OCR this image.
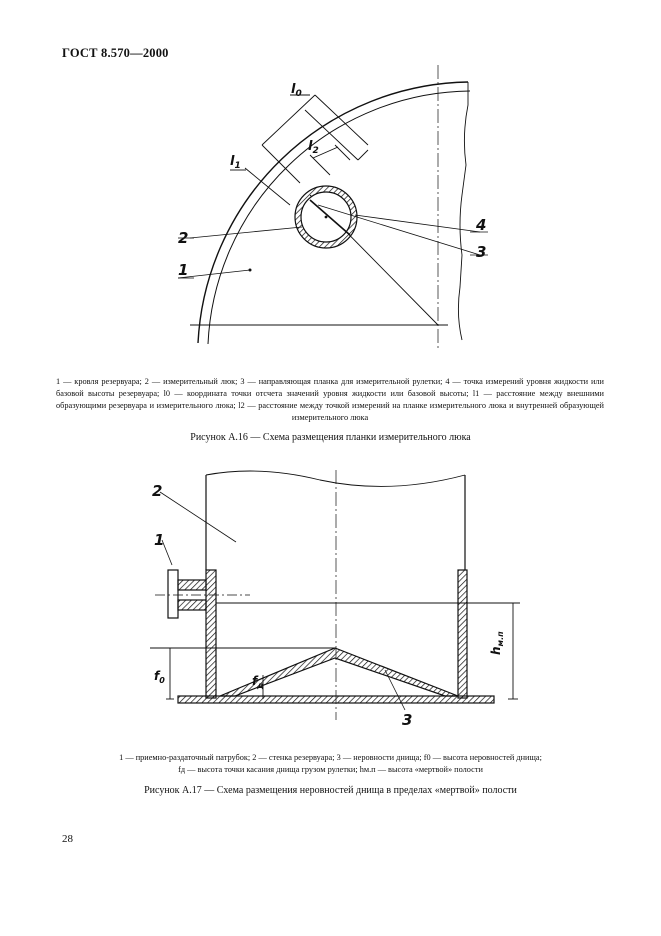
ГОСТ 8.570—2000
$l_0$
$l_1$
$l_2$
2
1
4
3
1 — кровля резервуара; 2 — измерительный люк; 3 — направляющая планка для измерительной рулетки; 4 — точка измерений уровня жидкости или базовой высоты резервуара; l0 — координата точки отсчета значений уровня жидкости или базовой высоты; l1 — расстояние между внешними образующими резервуара и измерительного люка; l2 — расстояние между точкой измерений на планке измерительного люка и внутренней образующей измерительного люка
Рисунок А.16 — Схема размещения планки измерительного люка
2
1
3
$f_0$	$f_д$
$h_{м.п}$
1 — приемно-раздаточный патрубок; 2 — стенка резервуара; 3 — неровности днища; f0 — высота неровностей днища;
fд — высота точки касания днища грузом рулетки; hм.п — высота «мертвой» полости
Рисунок А.17 — Схема размещения неровностей днища в пределах «мертвой» полости
28
